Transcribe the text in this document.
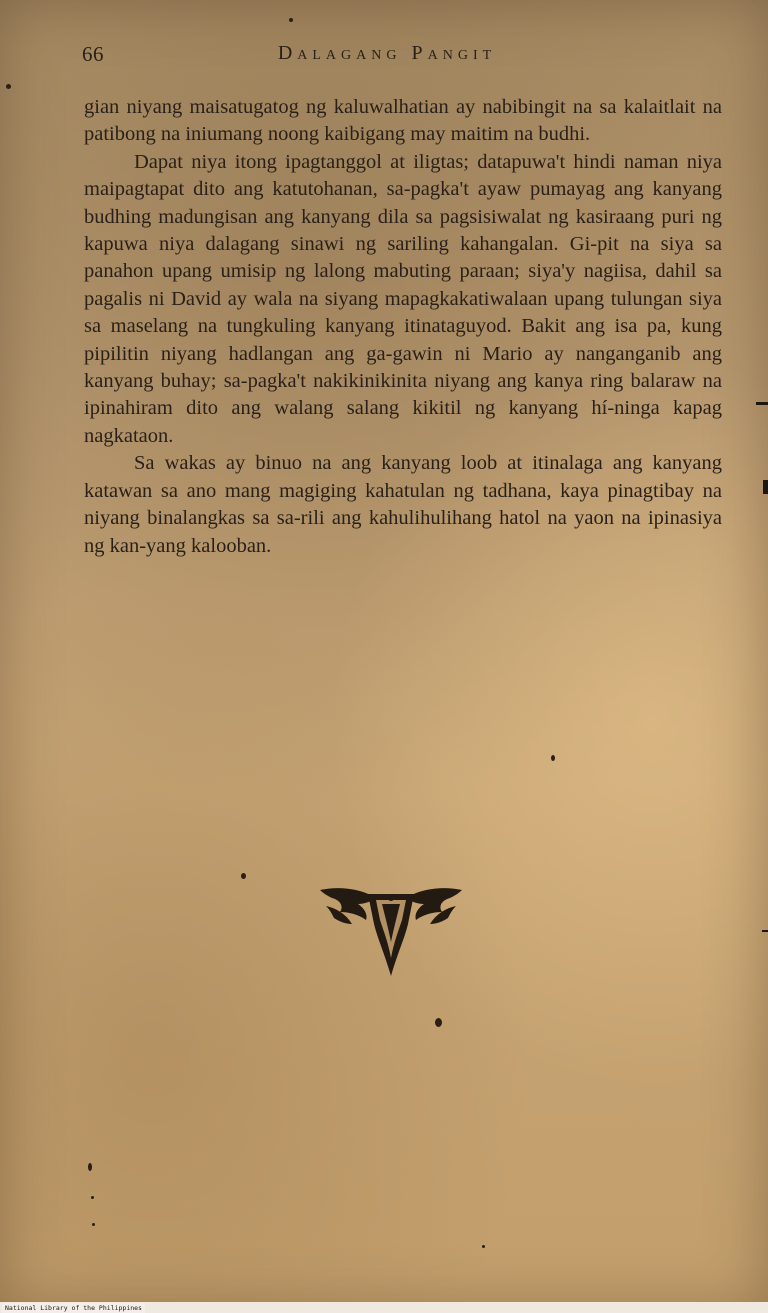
66	Dalagang Pangit

gian niyang maisatugatog ng kaluwalhatian ay nabibingit na sa kalaitlait na patibong na iniumang noong kaibigang may maitim na budhi.

Dapat niya itong ipagtanggol at iligtas; datapuwa't hindi naman niya maipagtapat dito ang katutohanan, sa-pagka't ayaw pumayag ang kanyang budhing madungisan ang kanyang dila sa pagsisiwalat ng kasiraang puri ng kapuwa niya dalagang sinawi ng sariling kahangalan. Gi-pit na siya sa panahon upang umisip ng lalong mabuting paraan; siya'y nagiisa, dahil sa pagalis ni David ay wala na siyang mapagkakatiwalaan upang tulungan siya sa maselang na tungkuling kanyang itinataguyod. Bakit ang isa pa, kung pipilitin niyang hadlangan ang ga-gawin ni Mario ay nanganganib ang kanyang buhay; sa-pagka't nakikinikinita niyang ang kanya ring balaraw na ipinahiram dito ang walang salang kikitil ng kanyang hí-ninga kapag nagkataon.

Sa wakas ay binuo na ang kanyang loob at itinalaga ang kanyang katawan sa ano mang magiging kahatulan ng tadhana, kaya pinagtibay na niyang binalangkas sa sa-rili ang kahulihulihang hatol na yaon na ipinasiya ng kan-yang kalooban.

National Library of the Philippines
